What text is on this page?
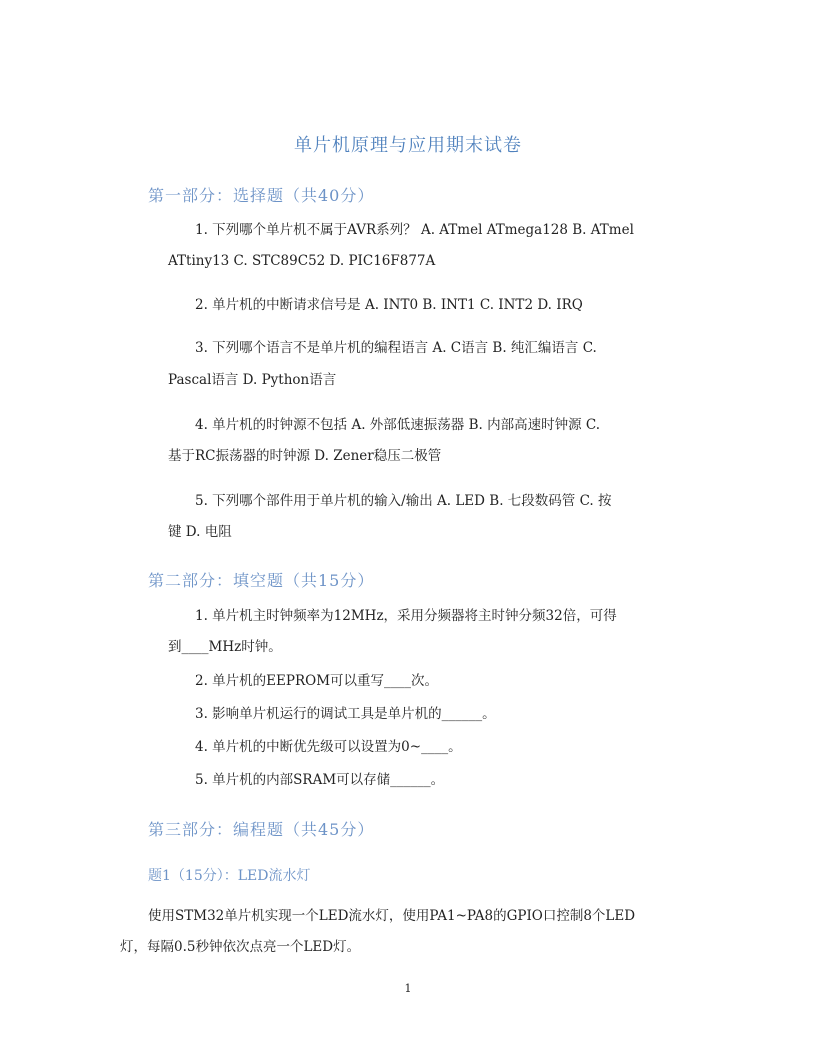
单片机原理与应用期末试卷
第一部分：选择题（共40分）
1. 下列哪个单片机不属于AVR系列？ A. ATmel ATmega128 B. ATmel
ATtiny13 C. STC89C52 D. PIC16F877A
2. 单片机的中断请求信号是 A. INT0 B. INT1 C. INT2 D. IRQ
3. 下列哪个语言不是单片机的编程语言 A. C语言 B. 纯汇编语言 C.
Pascal语言 D. Python语言
4. 单片机的时钟源不包括 A. 外部低速振荡器 B. 内部高速时钟源 C.
基于RC振荡器的时钟源 D. Zener稳压二极管
5. 下列哪个部件用于单片机的输入/输出 A. LED B. 七段数码管 C. 按
键 D. 电阻
第二部分：填空题（共15分）
1. 单片机主时钟频率为12MHz，采用分频器将主时钟分频32倍，可得
到____MHz时钟。
2. 单片机的EEPROM可以重写____次。
3. 影响单片机运行的调试工具是单片机的______。
4. 单片机的中断优先级可以设置为0~____。
5. 单片机的内部SRAM可以存储______。
第三部分：编程题（共45分）
题1（15分）：LED流水灯
使用STM32单片机实现一个LED流水灯，使用PA1~PA8的GPIO口控制8个LED
灯，每隔0.5秒钟依次点亮一个LED灯。
1
